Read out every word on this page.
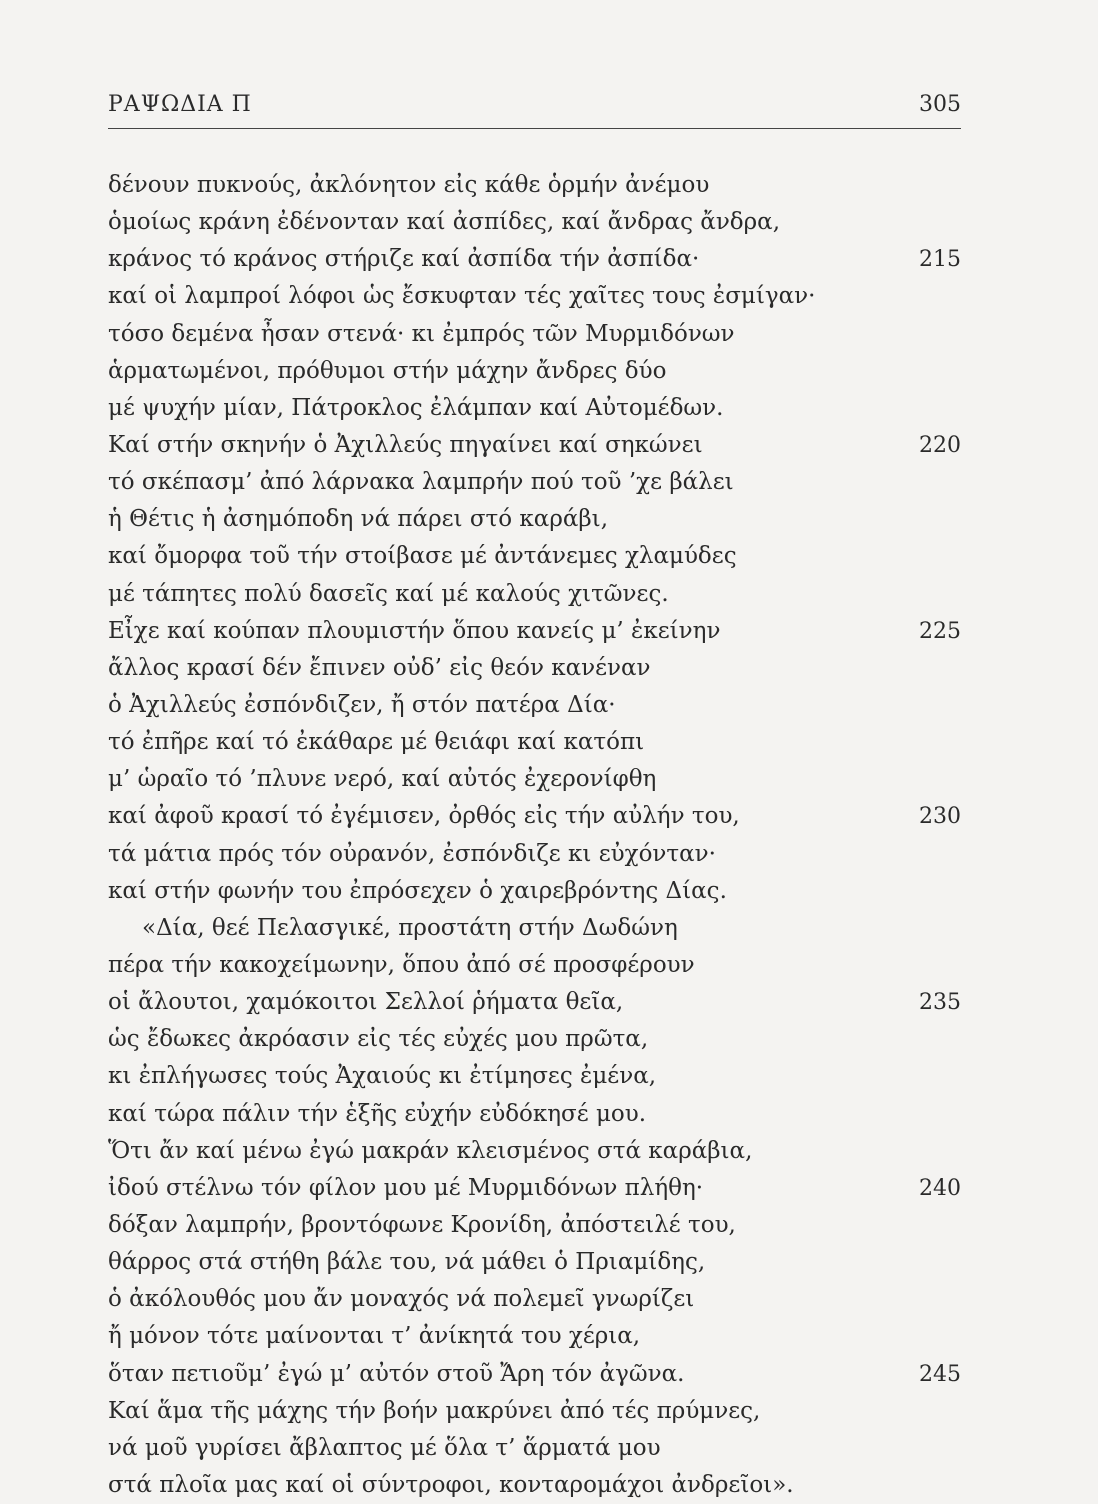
ΡΑΨΩΔΙΑ Π	305
δένουν πυκνούς, ἀκλόνητον εἰς κάθε ὁρμήν ἀνέμου
ὁμοίως κράνη ἐδένονταν καί ἀσπίδες, καί ἄνδρας ἄνδρα,
κράνος τό κράνος στήριζε καί ἀσπίδα τήν ἀσπίδα·	215
καί οἱ λαμπροί λόφοι ὡς ἔσκυφταν τές χαῖτες τους ἐσμίγαν·
τόσο δεμένα ἦσαν στενά· κι ἐμπρός τῶν Μυρμιδόνων
ἁρματωμένοι, πρόθυμοι στήν μάχην ἄνδρες δύο
μέ ψυχήν μίαν, Πάτροκλος ἐλάμπαν καί Αὐτομέδων.
Καί στήν σκηνήν ὁ Ἀχιλλεύς πηγαίνει καί σηκώνει	220
τό σκέπασμ’ ἀπό λάρνακα λαμπρήν πού τοῦ ’χε βάλει
ἡ Θέτις ἡ ἀσημόποδη νά πάρει στό καράβι,
καί ὄμορφα τοῦ τήν στοίβασε μέ ἀντάνεμες χλαμύδες
μέ τάπητες πολύ δασεῖς καί μέ καλούς χιτῶνες.
Εἶχε καί κούπαν πλουμιστήν ὅπου κανείς μ’ ἐκείνην	225
ἄλλος κρασί δέν ἔπινεν οὐδ’ εἰς θεόν κανέναν
ὁ Ἀχιλλεύς ἐσπόνδιζεν, ἤ στόν πατέρα Δία·
τό ἐπῆρε καί τό ἐκάθαρε μέ θειάφι καί κατόπι
μ’ ὡραῖο τό ’πλυνε νερό, καί αὐτός ἐχερονίφθη
καί ἀφοῦ κρασί τό ἐγέμισεν, ὀρθός εἰς τήν αὐλήν του,	230
τά μάτια πρός τόν οὐρανόν, ἐσπόνδιζε κι εὐχόνταν·
καί στήν φωνήν του ἐπρόσεχεν ὁ χαιρεβρόντης Δίας.
«Δία, θεέ Πελασγικέ, προστάτη στήν Δωδώνη
πέρα τήν κακοχείμωνην, ὅπου ἀπό σέ προσφέρουν
οἱ ἄλουτοι, χαμόκοιτοι Σελλοί ῥήματα θεῖα,	235
ὡς ἔδωκες ἀκρόασιν εἰς τές εὐχές μου πρῶτα,
κι ἐπλήγωσες τούς Ἀχαιούς κι ἐτίμησες ἐμένα,
καί τώρα πάλιν τήν ἑξῆς εὐχήν εὐδόκησέ μου.
Ὅτι ἄν καί μένω ἐγώ μακράν κλεισμένος στά καράβια,
ἰδού στέλνω τόν φίλον μου μέ Μυρμιδόνων πλήθη·	240
δόξαν λαμπρήν, βροντόφωνε Κρονίδη, ἀπόστειλέ του,
θάρρος στά στήθη βάλε του, νά μάθει ὁ Πριαμίδης,
ὁ ἀκόλουθός μου ἄν μοναχός νά πολεμεῖ γνωρίζει
ἤ μόνον τότε μαίνονται τ’ ἀνίκητά του χέρια,
ὅταν πετιοῦμ’ ἐγώ μ’ αὐτόν στοῦ Ἄρη τόν ἀγῶνα.	245
Καί ἅμα τῆς μάχης τήν βοήν μακρύνει ἀπό τές πρύμνες,
νά μοῦ γυρίσει ἄβλαπτος μέ ὅλα τ’ ἅρματά μου
στά πλοῖα μας καί οἱ σύντροφοι, κονταρομάχοι ἀνδρεῖοι».
